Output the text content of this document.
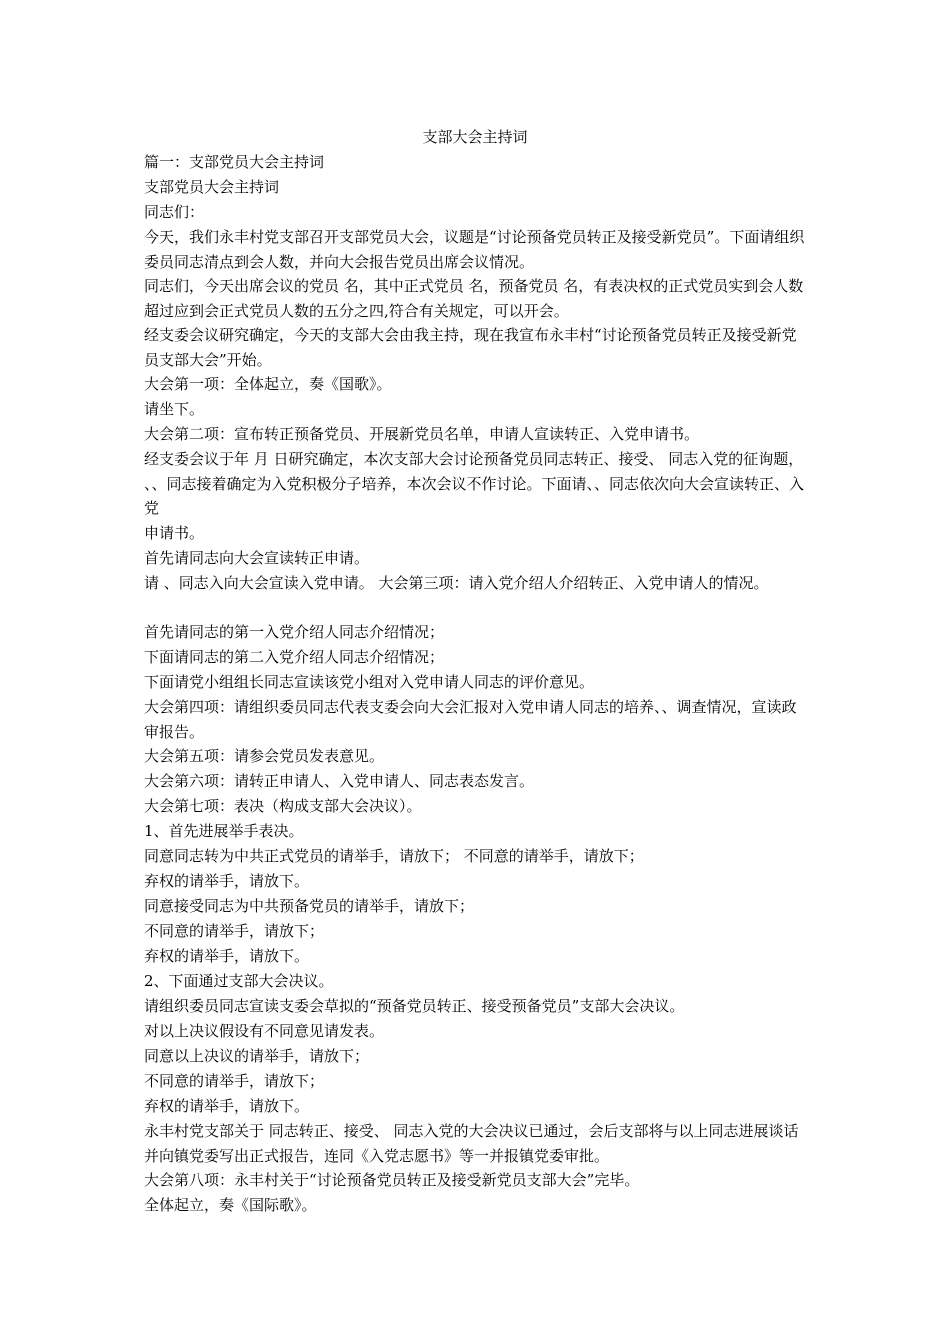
支部大会主持词

篇一：支部党员大会主持词

支部党员大会主持词

同志们：

今天，我们永丰村党支部召开支部党员大会，议题是“讨论预备党员转正及接受新党员”。下面请组织委员同志清点到会人数，并向大会报告党员出席会议情况。

同志们，今天出席会议的党员 名，其中正式党员 名，预备党员 名，有表决权的正式党员实到会人数超过应到会正式党员人数的五分之四,符合有关规定，可以开会。

经支委会议研究确定，今天的支部大会由我主持，现在我宣布永丰村“讨论预备党员转正及接受新党员支部大会”开始。

大会第一项：全体起立，奏《国歌》。

请坐下。

大会第二项：宣布转正预备党员、开展新党员名单，申请人宣读转正、入党申请书。

经支委会议于年 月 日研究确定，本次支部大会讨论预备党员同志转正、接受、 同志入党的征询题， 、、同志接着确定为入党积极分子培养，本次会议不作讨论。下面请、、同志依次向大会宣读转正、入党

申请书。

首先请同志向大会宣读转正申请。

请 、同志入向大会宣读入党申请。 大会第三项：请入党介绍人介绍转正、入党申请人的情况。

首先请同志的第一入党介绍人同志介绍情况；

下面请同志的第二入党介绍人同志介绍情况；

下面请党小组组长同志宣读该党小组对入党申请人同志的评价意见。

大会第四项：请组织委员同志代表支委会向大会汇报对入党申请人同志的培养、、调查情况，宣读政审报告。

大会第五项：请参会党员发表意见。

大会第六项：请转正申请人、入党申请人、同志表态发言。

大会第七项：表决（构成支部大会决议）。

1、首先进展举手表决。

同意同志转为中共正式党员的请举手，请放下； 不同意的请举手，请放下；

弃权的请举手，请放下。

同意接受同志为中共预备党员的请举手，请放下；

不同意的请举手，请放下；

弃权的请举手，请放下。

2、下面通过支部大会决议。

请组织委员同志宣读支委会草拟的“预备党员转正、接受预备党员”支部大会决议。

对以上决议假设有不同意见请发表。

同意以上决议的请举手，请放下；

不同意的请举手，请放下；

弃权的请举手，请放下。

永丰村党支部关于 同志转正、接受、 同志入党的大会决议已通过，会后支部将与以上同志进展谈话并向镇党委写出正式报告，连同《入党志愿书》等一并报镇党委审批。

大会第八项：永丰村关于“讨论预备党员转正及接受新党员支部大会”完毕。

全体起立，奏《国际歌》。
